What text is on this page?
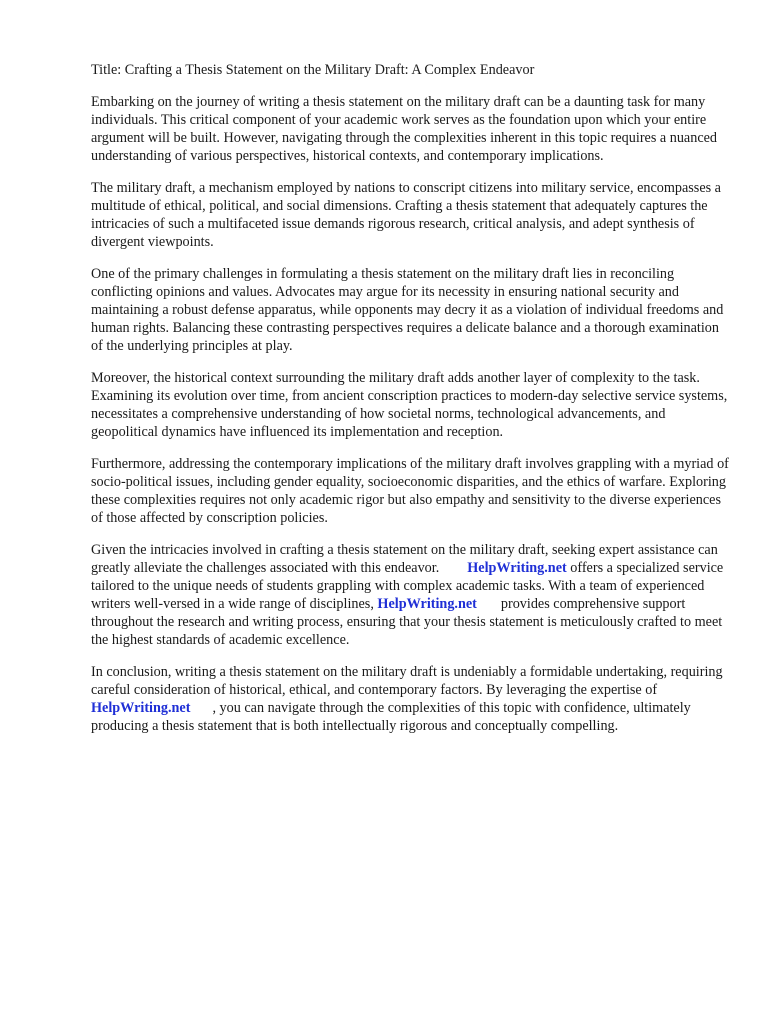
Title: Crafting a Thesis Statement on the Military Draft: A Complex Endeavor

Embarking on the journey of writing a thesis statement on the military draft can be a daunting task for many individuals. This critical component of your academic work serves as the foundation upon which your entire argument will be built. However, navigating through the complexities inherent in this topic requires a nuanced understanding of various perspectives, historical contexts, and contemporary implications.

The military draft, a mechanism employed by nations to conscript citizens into military service, encompasses a multitude of ethical, political, and social dimensions. Crafting a thesis statement that adequately captures the intricacies of such a multifaceted issue demands rigorous research, critical analysis, and adept synthesis of divergent viewpoints.

One of the primary challenges in formulating a thesis statement on the military draft lies in reconciling conflicting opinions and values. Advocates may argue for its necessity in ensuring national security and maintaining a robust defense apparatus, while opponents may decry it as a violation of individual freedoms and human rights. Balancing these contrasting perspectives requires a delicate balance and a thorough examination of the underlying principles at play.

Moreover, the historical context surrounding the military draft adds another layer of complexity to the task. Examining its evolution over time, from ancient conscription practices to modern-day selective service systems, necessitates a comprehensive understanding of how societal norms, technological advancements, and geopolitical dynamics have influenced its implementation and reception.

Furthermore, addressing the contemporary implications of the military draft involves grappling with a myriad of socio-political issues, including gender equality, socioeconomic disparities, and the ethics of warfare. Exploring these complexities requires not only academic rigor but also empathy and sensitivity to the diverse experiences of those affected by conscription policies.

Given the intricacies involved in crafting a thesis statement on the military draft, seeking expert assistance can greatly alleviate the challenges associated with this endeavor. HelpWriting.net offers a specialized service tailored to the unique needs of students grappling with complex academic tasks. With a team of experienced writers well-versed in a wide range of disciplines, HelpWriting.net provides comprehensive support throughout the research and writing process, ensuring that your thesis statement is meticulously crafted to meet the highest standards of academic excellence.

In conclusion, writing a thesis statement on the military draft is undeniably a formidable undertaking, requiring careful consideration of historical, ethical, and contemporary factors. By leveraging the expertise ofHelpWriting.net , you can navigate through the complexities of this topic with confidence, ultimately producing a thesis statement that is both intellectually rigorous and conceptually compelling.
